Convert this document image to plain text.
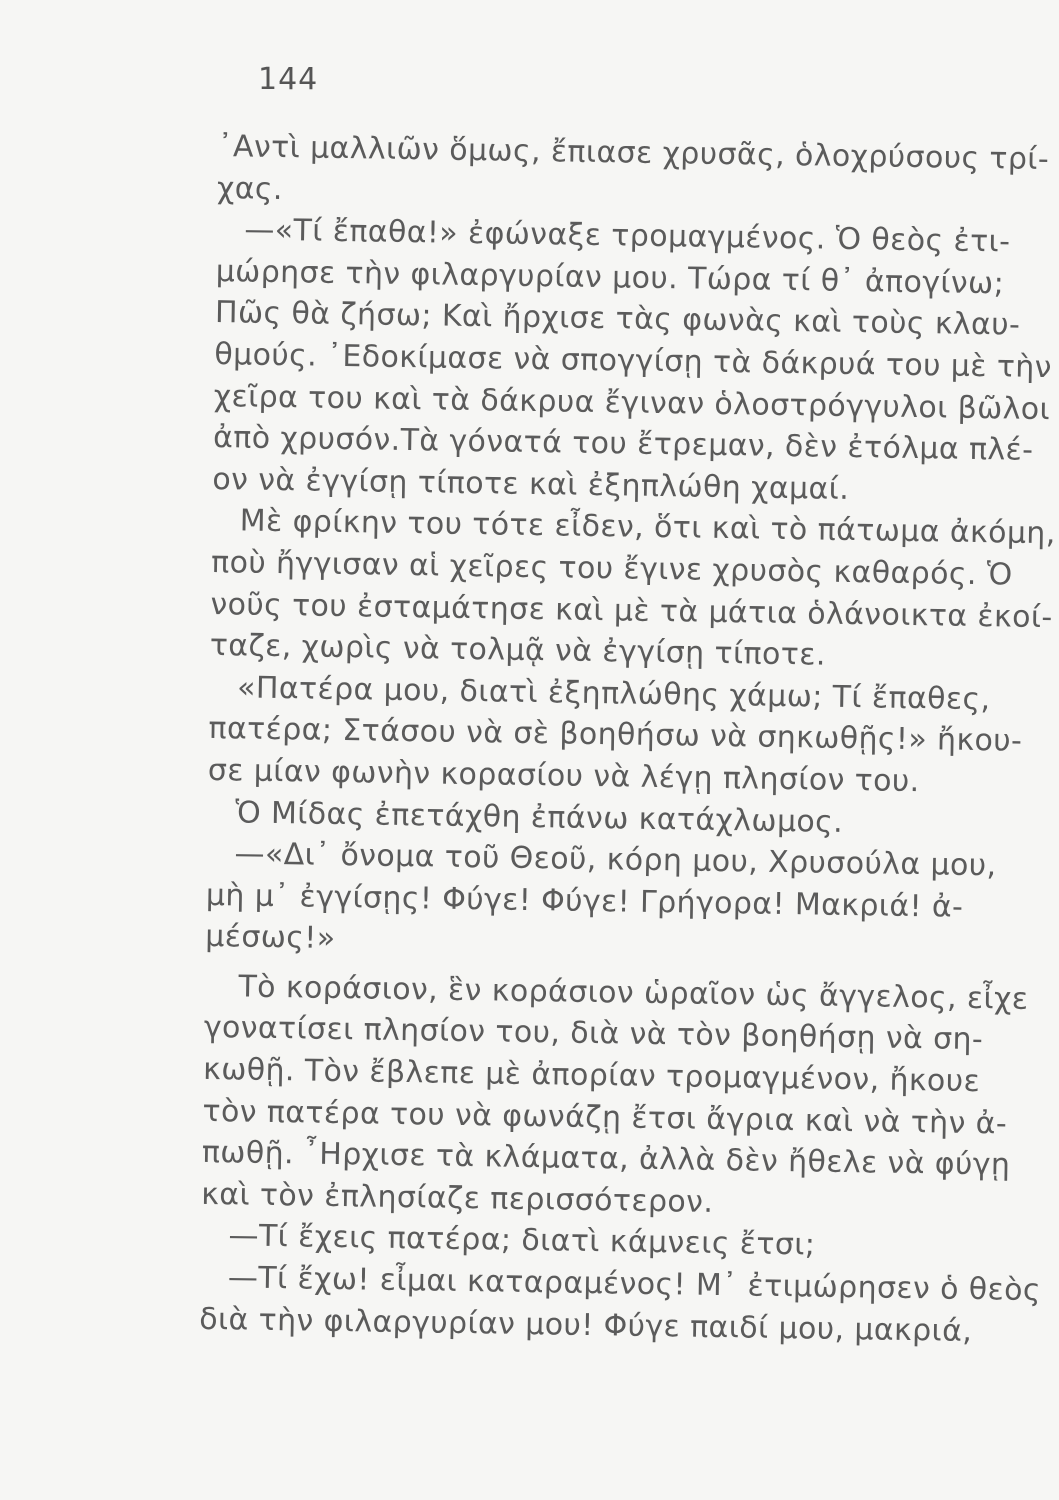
144
᾿Αντὶ μαλλιῶν ὅμως, ἔπιασε χρυσᾶς, ὁλοχρύσους τρί-
χας.
—«Τί ἔπαθα!» ἐφώναξε τρομαγμένος. Ὁ θεὸς ἐτι-
μώρησε τὴν φιλαργυρίαν μου. Τώρα τί θ᾿ ἀπογίνω;
Πῶς θὰ ζήσω; Καὶ ἤρχισε τὰς φωνὰς καὶ τοὺς κλαυ-
θμούς. ᾿Εδοκίμασε νὰ σπογγίσῃ τὰ δάκρυά του μὲ τὴν
χεῖρα του καὶ τὰ δάκρυα ἔγιναν ὁλοστρόγγυλοι βῶλοι
ἀπὸ χρυσόν.Τὰ γόνατά του ἔτρεμαν, δὲν ἐτόλμα πλέ-
ον νὰ ἐγγίσῃ τίποτε καὶ ἐξηπλώθη χαμαί.
Μὲ φρίκην του τότε εἶδεν, ὅτι καὶ τὸ πάτωμα ἀκόμη,
ποὺ ἤγγισαν αἱ χεῖρες του ἔγινε χρυσὸς καθαρός. Ὁ
νοῦς του ἐσταμάτησε καὶ μὲ τὰ μάτια ὁλάνοικτα ἐκοί-
ταζε, χωρὶς νὰ τολμᾷ νὰ ἐγγίσῃ τίποτε.
«Πατέρα μου, διατὶ ἐξηπλώθης χάμω; Τί ἔπαθες,
πατέρα; Στάσου νὰ σὲ βοηθήσω νὰ σηκωθῇς!» ἤκου-
σε μίαν φωνὴν κορασίου νὰ λέγῃ πλησίον του.
Ὁ Μίδας ἐπετάχθη ἐπάνω κατάχλωμος.
—«Δι᾿ ὄνομα τοῦ Θεοῦ, κόρη μου, Χρυσούλα μου,
μὴ μ᾿ ἐγγίσῃς! Φύγε! Φύγε! Γρήγορα! Μακριά! ἀ-
μέσως!»
Τὸ κοράσιον, ἓν κοράσιον ὡραῖον ὡς ἄγγελος, εἶχε
γονατίσει πλησίον του, διὰ νὰ τὸν βοηθήσῃ νὰ ση-
κωθῇ. Τὸν ἔβλεπε μὲ ἀπορίαν τρομαγμένον, ἤκουε
τὸν πατέρα του νὰ φωνάζῃ ἔτσι ἄγρια καὶ νὰ τὴν ἀ-
πωθῇ. ῏Ηρχισε τὰ κλάματα, ἀλλὰ δὲν ἤθελε νὰ φύγῃ
καὶ τὸν ἐπλησίαζε περισσότερον.
—Τί ἔχεις πατέρα; διατὶ κάμνεις ἔτσι;
—Τί ἔχω! εἶμαι καταραμένος! Μ᾿ ἐτιμώρησεν ὁ θεὸς
διὰ τὴν φιλαργυρίαν μου! Φύγε παιδί μου, μακριά,
